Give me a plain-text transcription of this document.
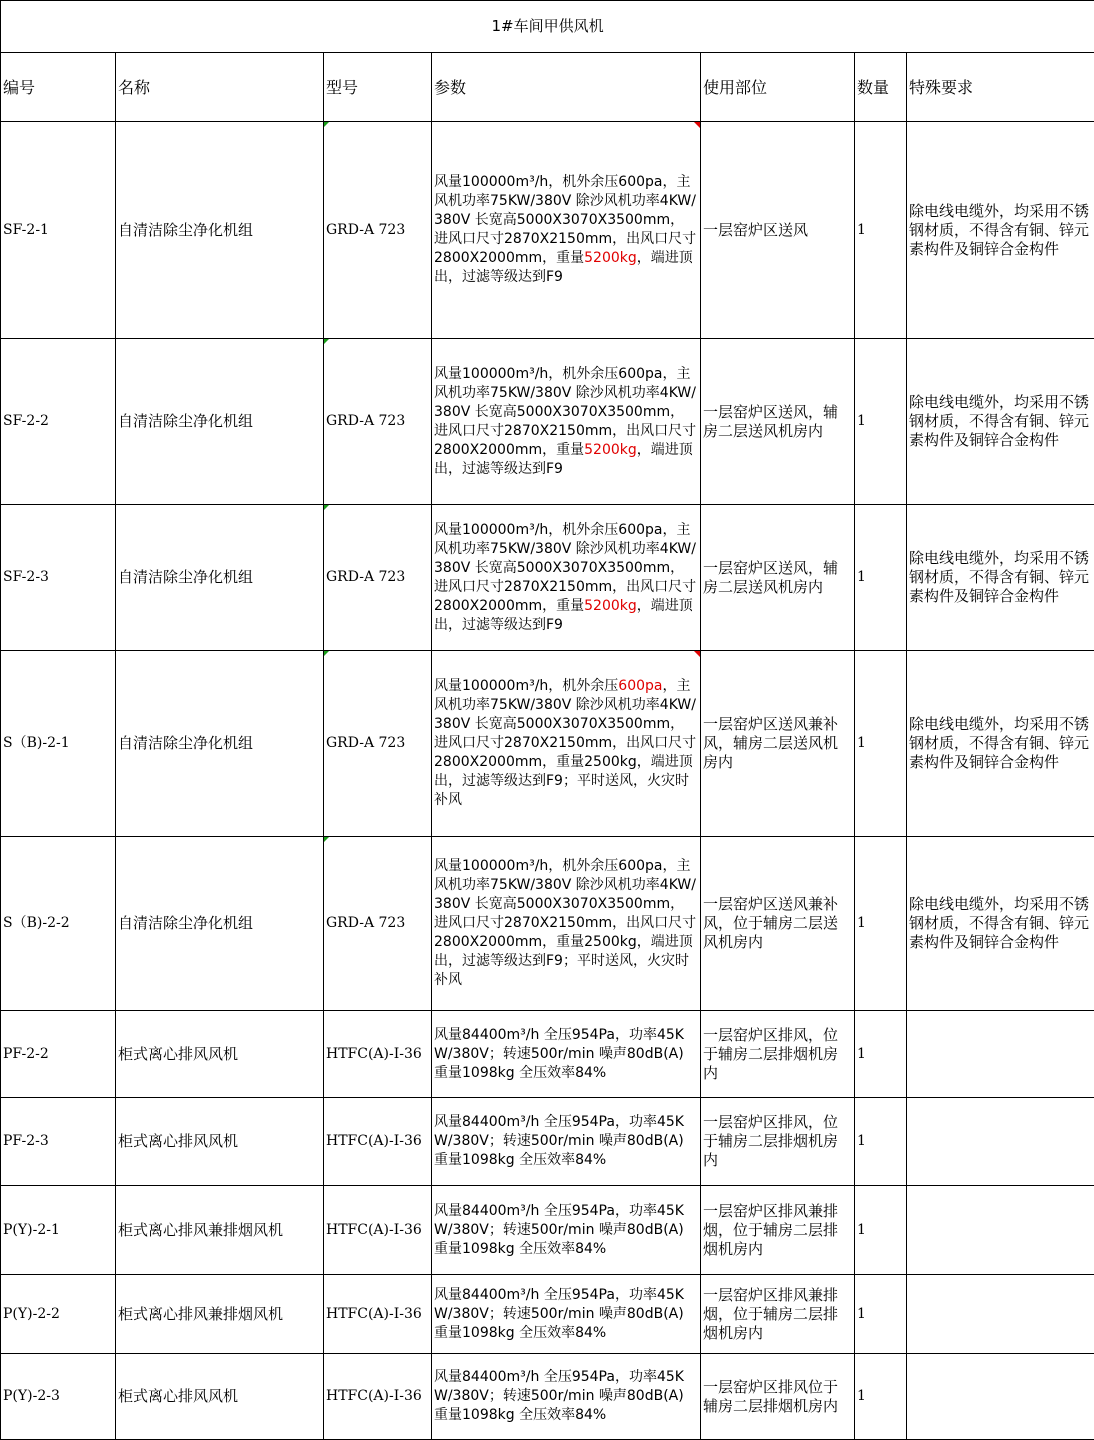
1#车间甲供风机						
编号	名称	型号	参数	使用部位	数量	特殊要求
SF-2-1	自清洁除尘净化机组	GRD-A 723	风量100000m³/h，机外余压600pa，主风机功率75KW/380V 除沙风机功率4KW/380V 长宽高5000X3070X3500mm，进风口尺寸2870X2150mm，出风口尺寸2800X2000mm，重量5200kg，端进顶出，过滤等级达到F9	一层窑炉区送风	1	除电线电缆外，均采用不锈钢材质，不得含有铜、锌元素构件及铜锌合金构件
SF-2-2	自清洁除尘净化机组	GRD-A 723	风量100000m³/h，机外余压600pa，主风机功率75KW/380V 除沙风机功率4KW/380V 长宽高5000X3070X3500mm，进风口尺寸2870X2150mm，出风口尺寸2800X2000mm，重量5200kg，端进顶出，过滤等级达到F9	一层窑炉区送风，辅房二层送风机房内	1	除电线电缆外，均采用不锈钢材质，不得含有铜、锌元素构件及铜锌合金构件
SF-2-3	自清洁除尘净化机组	GRD-A 723	风量100000m³/h，机外余压600pa，主风机功率75KW/380V 除沙风机功率4KW/380V 长宽高5000X3070X3500mm，进风口尺寸2870X2150mm，出风口尺寸2800X2000mm，重量5200kg，端进顶出，过滤等级达到F9	一层窑炉区送风，辅房二层送风机房内	1	除电线电缆外，均采用不锈钢材质，不得含有铜、锌元素构件及铜锌合金构件
S（B)-2-1	自清洁除尘净化机组	GRD-A 723	风量100000m³/h，机外余压600pa，主风机功率75KW/380V 除沙风机功率4KW/380V 长宽高5000X3070X3500mm，进风口尺寸2870X2150mm，出风口尺寸2800X2000mm，重量2500kg，端进顶出，过滤等级达到F9；平时送风，火灾时补风	一层窑炉区送风兼补风，辅房二层送风机房内	1	除电线电缆外，均采用不锈钢材质，不得含有铜、锌元素构件及铜锌合金构件
S（B)-2-2	自清洁除尘净化机组	GRD-A 723	风量100000m³/h，机外余压600pa，主风机功率75KW/380V 除沙风机功率4KW/380V 长宽高5000X3070X3500mm，进风口尺寸2870X2150mm，出风口尺寸2800X2000mm，重量2500kg，端进顶出，过滤等级达到F9；平时送风，火灾时补风	一层窑炉区送风兼补风，位于辅房二层送风机房内	1	除电线电缆外，均采用不锈钢材质，不得含有铜、锌元素构件及铜锌合金构件
PF-2-2	柜式离心排风风机	HTFC(A)-I-36	风量84400m³/h 全压954Pa，功率45KW/380V；转速500r/min 噪声80dB(A) 重量1098kg 全压效率84%	一层窑炉区排风，位于辅房二层排烟机房内	1	
PF-2-3	柜式离心排风风机	HTFC(A)-I-36	风量84400m³/h 全压954Pa，功率45KW/380V；转速500r/min 噪声80dB(A) 重量1098kg 全压效率84%	一层窑炉区排风，位于辅房二层排烟机房内	1	
P(Y)-2-1	柜式离心排风兼排烟风机	HTFC(A)-I-36	风量84400m³/h 全压954Pa，功率45KW/380V；转速500r/min 噪声80dB(A) 重量1098kg 全压效率84%	一层窑炉区排风兼排烟，位于辅房二层排烟机房内	1	
P(Y)-2-2	柜式离心排风兼排烟风机	HTFC(A)-I-36	风量84400m³/h 全压954Pa，功率45KW/380V；转速500r/min 噪声80dB(A) 重量1098kg 全压效率84%	一层窑炉区排风兼排烟，位于辅房二层排烟机房内	1	
P(Y)-2-3	柜式离心排风风机	HTFC(A)-I-36	风量84400m³/h 全压954Pa，功率45KW/380V；转速500r/min 噪声80dB(A) 重量1098kg 全压效率84%	一层窑炉区排风位于辅房二层排烟机房内	1	
